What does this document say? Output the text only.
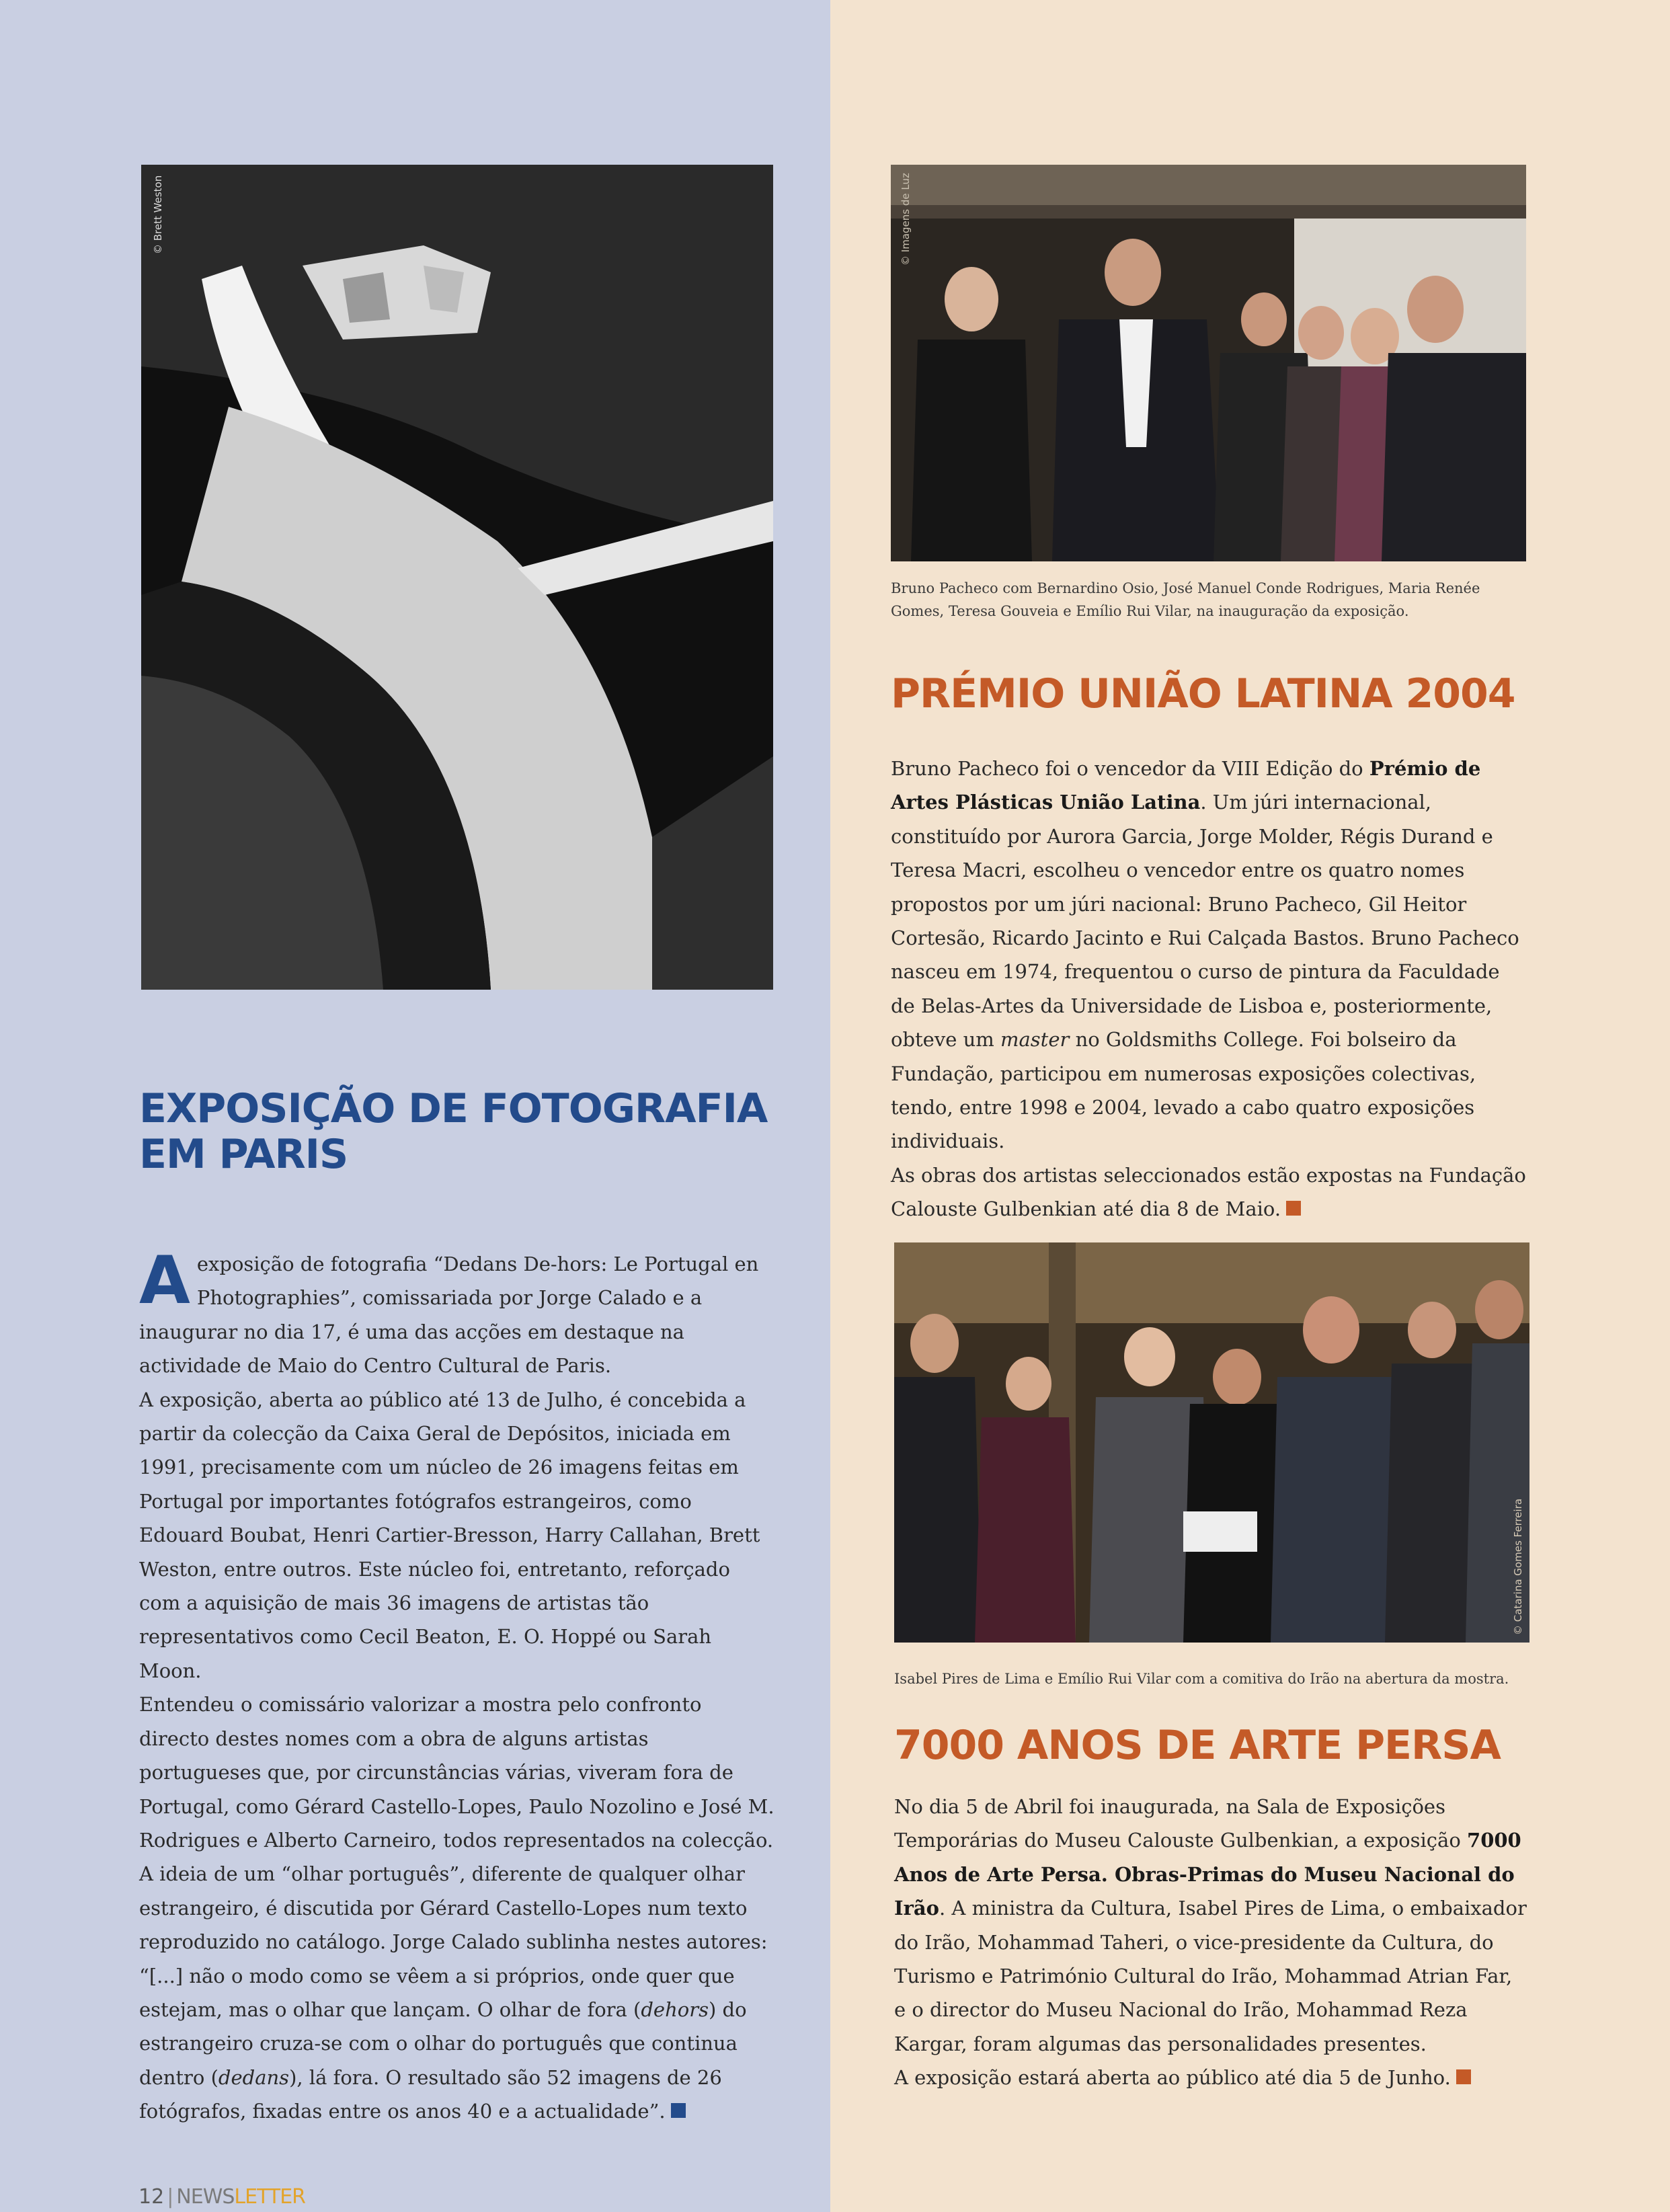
© Brett Weston	© Imagens de Luz

Bruno Pacheco com Bernardino Osio, José Manuel Conde Rodrigues, Maria Renée Gomes, Teresa Gouveia e Emílio Rui Vilar, na inauguração da exposição.

PRÉMIO UNIÃO LATINA 2004

Bruno Pacheco foi o vencedor da VIII Edição do Prémio de Artes Plásticas União Latina. Um júri internacional, constituído por Aurora Garcia, Jorge Molder, Régis Durand e Teresa Macri, escolheu o vencedor entre os quatro nomes propostos por um júri nacional: Bruno Pacheco, Gil Heitor Cortesão, Ricardo Jacinto e Rui Calçada Bastos. Bruno Pacheco nasceu em 1974, frequentou o curso de pintura da Faculdade de Belas-Artes da Universidade de Lisboa e, posteriormente, obteve um master no Goldsmiths College. Foi bolseiro da Fundação, participou em numerosas exposições colectivas, tendo, entre 1998 e 2004, levado a cabo quatro exposições individuais.
As obras dos artistas seleccionados estão expostas na Fundação Calouste Gulbenkian até dia 8 de Maio.

© Catarina Gomes Ferreira

Isabel Pires de Lima e Emílio Rui Vilar com a comitiva do Irão na abertura da mostra.

7000 ANOS DE ARTE PERSA

No dia 5 de Abril foi inaugurada, na Sala de Exposições Temporárias do Museu Calouste Gulbenkian, a exposição 7000 Anos de Arte Persa. Obras-Primas do Museu Nacional do Irão. A ministra da Cultura, Isabel Pires de Lima, o embaixador do Irão, Mohammad Taheri, o vice-presidente da Cultura, do Turismo e Património Cultural do Irão, Mohammad Atrian Far, e o director do Museu Nacional do Irão, Mohammad Reza Kargar, foram algumas das personalidades presentes.
A exposição estará aberta ao público até dia 5 de Junho.

EXPOSIÇÃO DE FOTOGRAFIA
EM PARIS

A exposição de fotografia “Dedans De-hors: Le Portugal en Photographies”, comissariada por Jorge Calado e a inaugurar no dia 17, é uma das acções em destaque na actividade de Maio do Centro Cultural de Paris.
A exposição, aberta ao público até 13 de Julho, é concebida a partir da colecção da Caixa Geral de Depósitos, iniciada em 1991, precisamente com um núcleo de 26 imagens feitas em Portugal por importantes fotógrafos estrangeiros, como Edouard Boubat, Henri Cartier-Bresson, Harry Callahan, Brett Weston, entre outros. Este núcleo foi, entretanto, reforçado com a aquisição de mais 36 imagens de artistas tão representativos como Cecil Beaton, E. O. Hoppé ou Sarah Moon.
Entendeu o comissário valorizar a mostra pelo confronto directo destes nomes com a obra de alguns artistas portugueses que, por circunstâncias várias, viveram fora de Portugal, como Gérard Castello-Lopes, Paulo Nozolino e José M. Rodrigues e Alberto Carneiro, todos representados na colecção.
A ideia de um “olhar português”, diferente de qualquer olhar estrangeiro, é discutida por Gérard Castello-Lopes num texto reproduzido no catálogo. Jorge Calado sublinha nestes autores: “[...] não o modo como se vêem a si próprios, onde quer que estejam, mas o olhar que lançam. O olhar de fora (dehors) do estrangeiro cruza-se com o olhar do português que continua dentro (dedans), lá fora. O resultado são 52 imagens de 26 fotógrafos, fixadas entre os anos 40 e a actualidade”.

12 | NEWSLETTER
